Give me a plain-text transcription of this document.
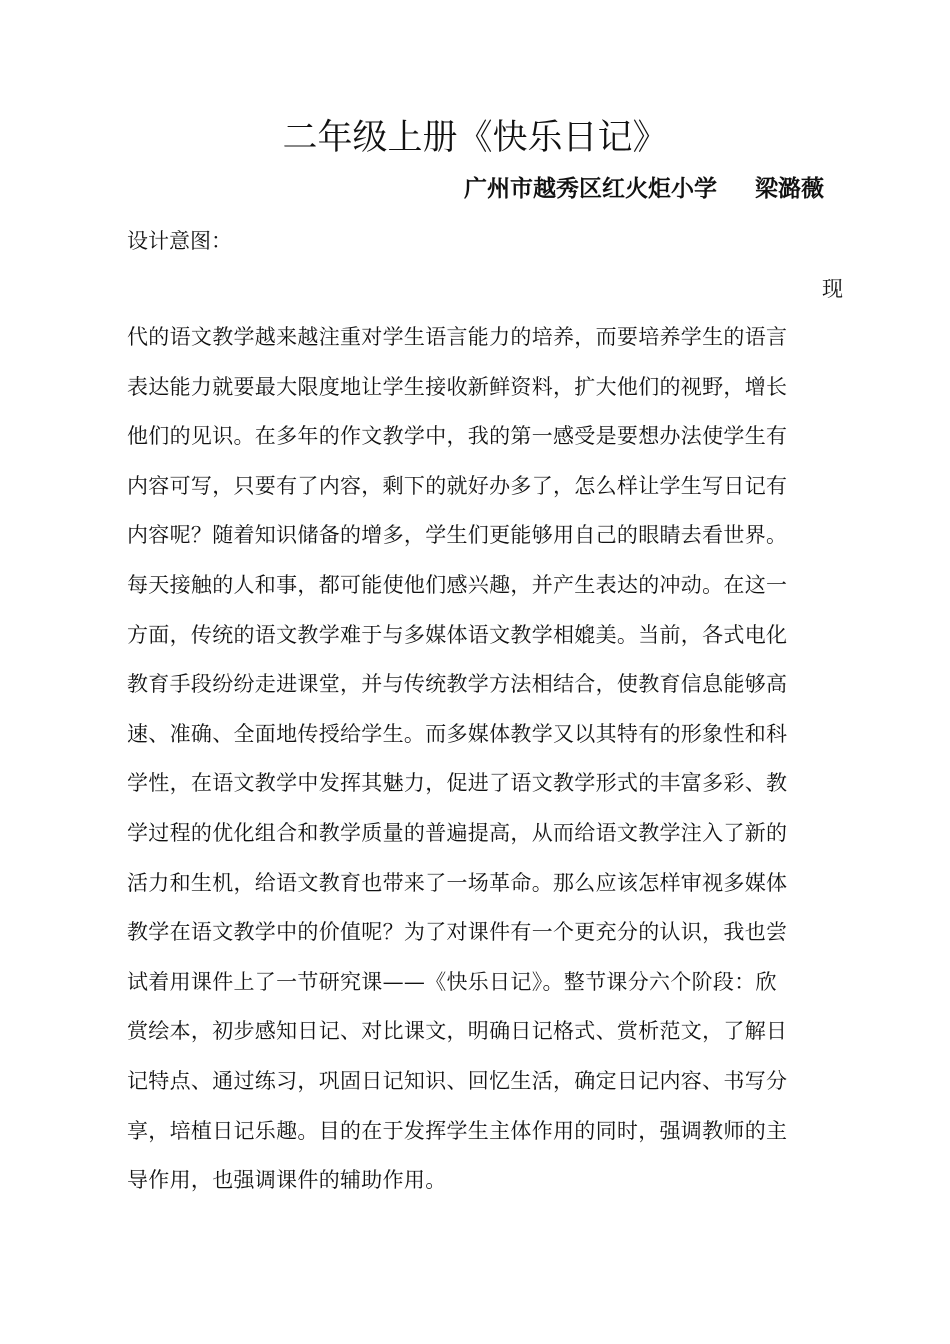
二年级上册《快乐日记》
广州市越秀区红火炬小学 梁潞薇
设计意图：
现
代的语文教学越来越注重对学生语言能力的培养，而要培养学生的语言
表达能力就要最大限度地让学生接收新鲜资料，扩大他们的视野，增长
他们的见识。在多年的作文教学中，我的第一感受是要想办法使学生有
内容可写，只要有了内容，剩下的就好办多了，怎么样让学生写日记有
内容呢？随着知识储备的增多，学生们更能够用自己的眼睛去看世界。
每天接触的人和事，都可能使他们感兴趣，并产生表达的冲动。在这一
方面，传统的语文教学难于与多媒体语文教学相媲美。当前，各式电化
教育手段纷纷走进课堂，并与传统教学方法相结合，使教育信息能够高
速、准确、全面地传授给学生。而多媒体教学又以其特有的形象性和科
学性，在语文教学中发挥其魅力，促进了语文教学形式的丰富多彩、教
学过程的优化组合和教学质量的普遍提高，从而给语文教学注入了新的
活力和生机，给语文教育也带来了一场革命。那么应该怎样审视多媒体
教学在语文教学中的价值呢？为了对课件有一个更充分的认识，我也尝
试着用课件上了一节研究课——《快乐日记》。整节课分六个阶段：欣
赏绘本，初步感知日记、对比课文，明确日记格式、赏析范文，了解日
记特点、通过练习，巩固日记知识、回忆生活，确定日记内容、书写分
享，培植日记乐趣。目的在于发挥学生主体作用的同时，强调教师的主
导作用，也强调课件的辅助作用。
